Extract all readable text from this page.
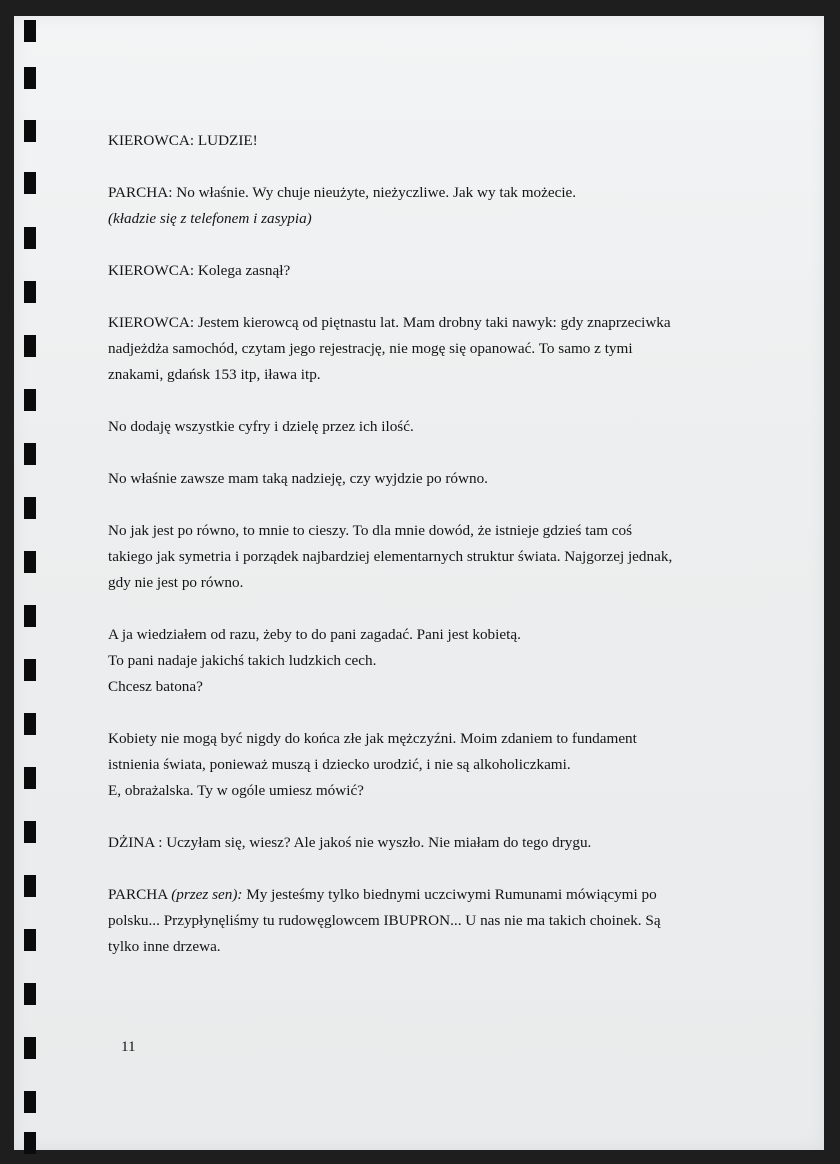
KIEROWCA: LUDZIE!

PARCHA: No właśnie. Wy chuje nieużyte, nieżyczliwe. Jak wy tak możecie.

(kładzie się z telefonem i zasypia)

KIEROWCA: Kolega zasnął?

KIEROWCA: Jestem kierowcą od piętnastu lat. Mam drobny taki nawyk: gdy znaprzeciwka

nadjeżdża samochód, czytam jego rejestrację, nie mogę się opanować. To samo z tymi

znakami, gdańsk 153 itp, iława itp.

No dodaję wszystkie cyfry i dzielę przez ich ilość.

No właśnie zawsze mam taką nadzieję, czy wyjdzie po równo.

No jak jest po równo, to mnie to cieszy. To dla mnie dowód, że istnieje gdzieś tam coś

takiego jak symetria i porządek najbardziej elementarnych struktur świata. Najgorzej jednak,

gdy nie jest po równo.

A ja wiedziałem od razu, żeby to do pani zagadać. Pani jest kobietą.

To pani nadaje jakichś takich ludzkich cech.

Chcesz batona?

Kobiety nie mogą być nigdy do końca złe jak mężczyźni. Moim zdaniem to fundament

istnienia świata, ponieważ muszą i dziecko urodzić, i nie są alkoholiczkami.

E, obrażalska. Ty w ogóle umiesz mówić?

DŻINA : Uczyłam się, wiesz? Ale jakoś nie wyszło. Nie miałam do tego drygu.

PARCHA (przez sen): My jesteśmy tylko biednymi uczciwymi Rumunami mówiącymi po

polsku... Przypłynęliśmy tu rudowęglowcem IBUPRON... U nas nie ma takich choinek. Są

tylko inne drzewa.

11
